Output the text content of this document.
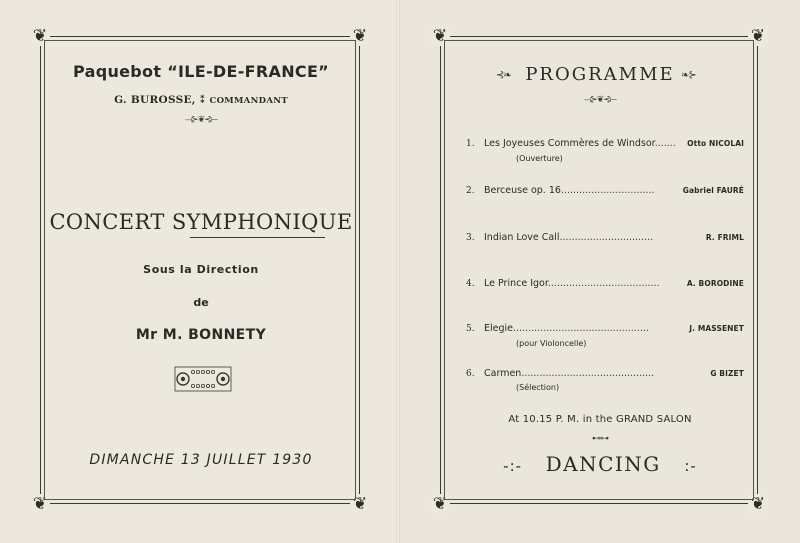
❦	❦
❦	❦
❦	❦
❦	❦
Paquebot “ILE-DE-FRANCE”
G. BUROSSE, ⁑ COMMANDANT
⟞⊱❦⊰⟝
CONCERT SYMPHONIQUE
Sous la Direction
de
Mr M. BONNETY
DIMANCHE 13 JUILLET 1930
⊰❧ PROGRAMME ❧⊱
⟞⊱❦⊰⟝
1. Les Joyeuses Commères de Windsor....... Otto NICOLAI
(Ouverture)
2. Berceuse op. 16...............................	Gabriel FAURÉ
3. Indian Love Call...............................	R. FRIML
4. Le Prince Igor.....................................	A. BORODINE
5. Elegie.............................................	J. MASSENET
(pour Violoncelle)
6. Carmen............................................	G BIZET
(Sélection)
At 10.15 P. M. in the GRAND SALON
⊷⊶
-:- DANCING :-
